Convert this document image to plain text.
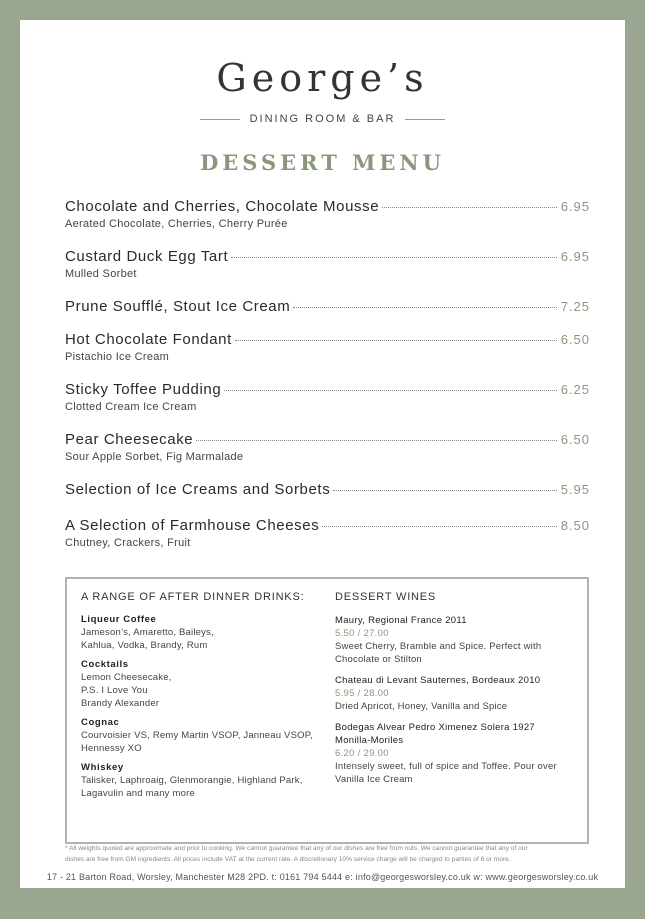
George’s
DINING ROOM & BAR
DESSERT MENU
Chocolate and Cherries, Chocolate Mousse	6.95
Aerated Chocolate, Cherries, Cherry Purée
Custard Duck Egg Tart	6.95
Mulled Sorbet
Prune Soufflé, Stout Ice Cream	7.25
Hot Chocolate Fondant	6.50
Pistachio Ice Cream
Sticky Toffee Pudding	6.25
Clotted Cream Ice Cream
Pear Cheesecake	6.50
Sour Apple Sorbet, Fig Marmalade
Selection of Ice Creams and Sorbets	5.95
A Selection of Farmhouse Cheeses	8.50
Chutney, Crackers, Fruit
A RANGE OF AFTER DINNER DRINKS:
Liqueur Coffee
Jameson’s, Amaretto, Baileys,
Kahlua, Vodka, Brandy, Rum
Cocktails
Lemon Cheesecake,
P.S. I Love You
Brandy Alexander
Cognac
Courvoisier VS, Remy Martin VSOP, Janneau VSOP,
Hennessy XO
Whiskey
Talisker, Laphroaig, Glenmorangie, Highland Park,
Lagavulin and many more
DESSERT WINES
Maury, Regional France 2011
5.50 / 27.00
Sweet Cherry, Bramble and Spice. Perfect with
Chocolate or Stilton
Chateau di Levant Sauternes, Bordeaux 2010
5.95 / 28.00
Dried Apricot, Honey, Vanilla and Spice
Bodegas Alvear Pedro Ximenez Solera 1927
Monilla-Moriles
6.20 / 29.00
Intensely sweet, full of spice and Toffee. Pour over
Vanilla Ice Cream
* All weights quoted are approximate and prior to cooking. We cannot guarantee that any of our dishes are free from nuts. We cannot guarantee that any of our
dishes are free from GM ingredients. All prices include VAT at the current rate. A discretionary 10% service charge will be charged to parties of 6 or more.
17 - 21 Barton Road, Worsley, Manchester M28 2PD. t: 0161 794 5444 e: info@georgesworsley.co.uk w: www.georgesworsley.co.uk
